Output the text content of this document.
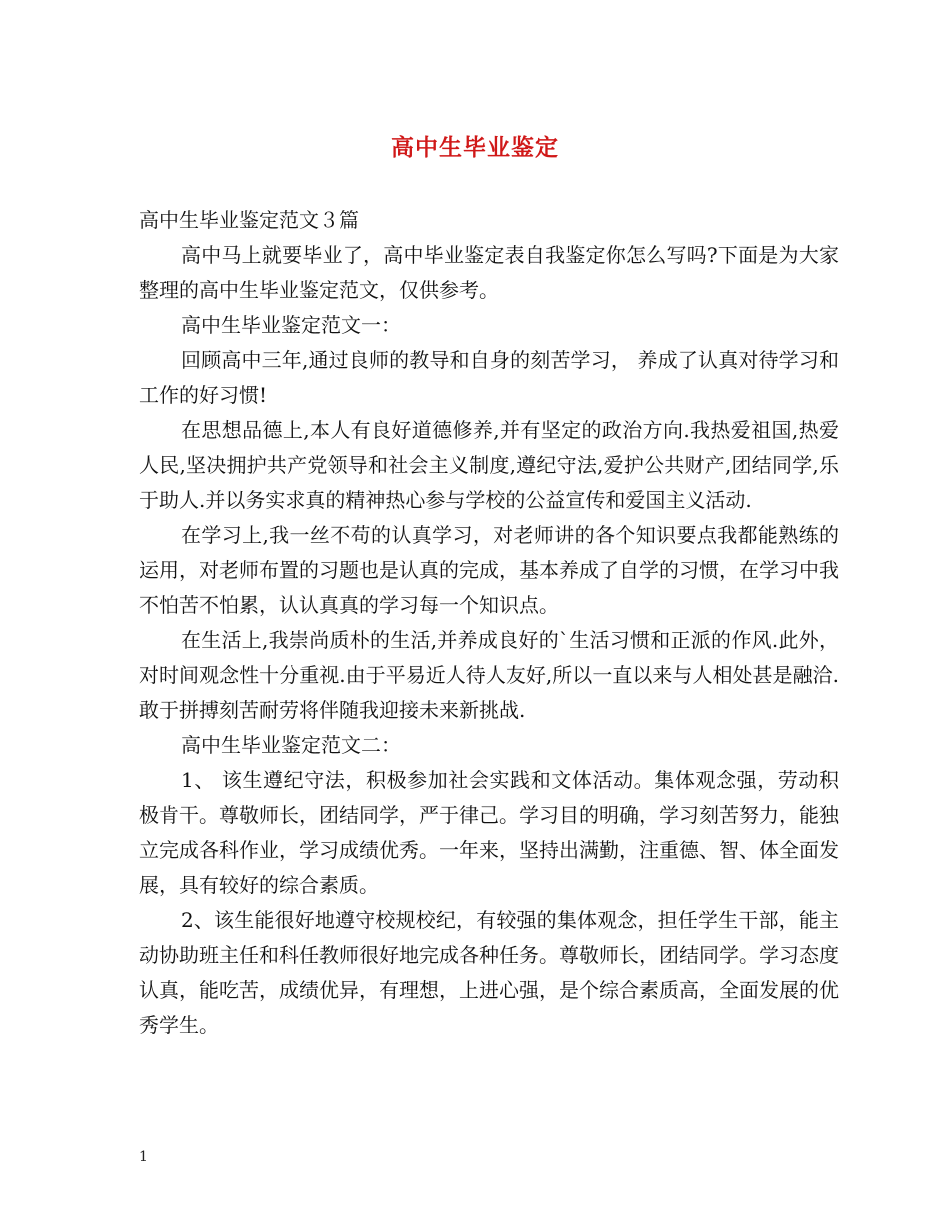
高中生毕业鉴定

高中生毕业鉴定范文３篇

高中马上就要毕业了，高中毕业鉴定表自我鉴定你怎么写吗?下面是为大家整理的高中生毕业鉴定范文，仅供参考。

高中生毕业鉴定范文一：

回顾高中三年,通过良师的教导和自身的刻苦学习， 养成了认真对待学习和工作的好习惯!

在思想品德上,本人有良好道德修养,并有坚定的政治方向.我热爱祖国,热爱人民,坚决拥护共产党领导和社会主义制度,遵纪守法,爱护公共财产,团结同学,乐于助人.并以务实求真的精神热心参与学校的公益宣传和爱国主义活动.

在学习上,我一丝不苟的认真学习，对老师讲的各个知识要点我都能熟练的运用，对老师布置的习题也是认真的完成，基本养成了自学的习惯，在学习中我不怕苦不怕累，认认真真的学习每一个知识点。

在生活上,我崇尚质朴的生活,并养成良好的`生活习惯和正派的作风.此外，对时间观念性十分重视.由于平易近人待人友好,所以一直以来与人相处甚是融洽.敢于拼搏刻苦耐劳将伴随我迎接未来新挑战.

高中生毕业鉴定范文二：

1、 该生遵纪守法，积极参加社会实践和文体活动。集体观念强，劳动积极肯干。尊敬师长，团结同学，严于律己。学习目的明确，学习刻苦努力，能独立完成各科作业，学习成绩优秀。一年来，坚持出满勤，注重德、智、体全面发展，具有较好的综合素质。

2、该生能很好地遵守校规校纪，有较强的集体观念，担任学生干部，能主动协助班主任和科任教师很好地完成各种任务。尊敬师长，团结同学。学习态度认真，能吃苦，成绩优异，有理想，上进心强，是个综合素质高，全面发展的优秀学生。

1
